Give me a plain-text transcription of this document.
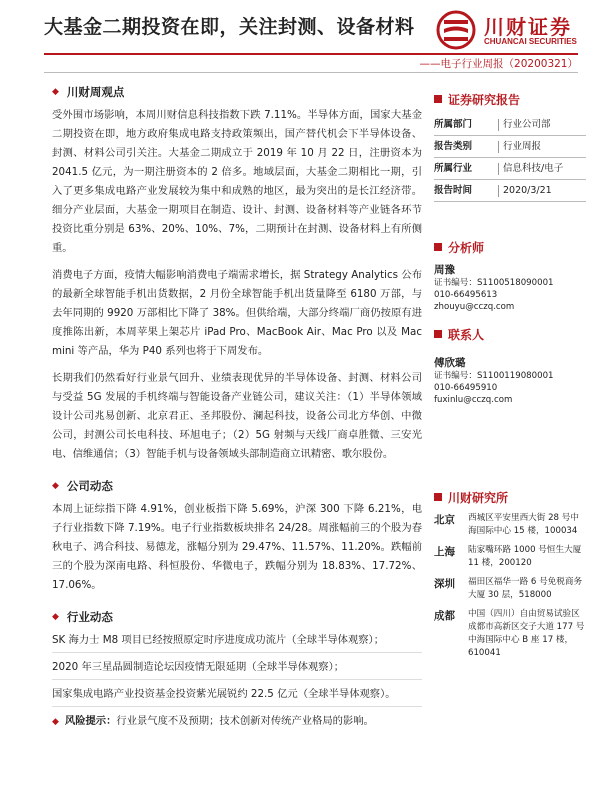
大基金二期投资在即，关注封测、设备材料	川财证券
CHUANCAI SECURITIES
——电子行业周报（20200321）
◆ 川财周观点

受外围市场影响，本周川财信息科技指数下跌 7.11%。半导体方面，国家大基金二期投资在即，地方政府集成电路支持政策频出，国产替代机会下半导体设备、封测、材料公司引关注。大基金二期成立于 2019 年 10 月 22 日，注册资本为 2041.5 亿元，为一期注册资本的 2 倍多。地域层面，大基金二期相比一期，引入了更多集成电路产业发展较为集中和成熟的地区，最为突出的是长江经济带。细分产业层面，大基金一期项目在制造、设计、封测、设备材料等产业链各环节投资比重分别是 63%、20%、10%、7%，二期预计在封测、设备材料上有所侧重。

消费电子方面，疫情大幅影响消费电子端需求增长，据 Strategy Analytics 公布的最新全球智能手机出货数据，2 月份全球智能手机出货量降至 6180 万部，与去年同期的 9920 万部相比下降了 38%。但供给端，大部分终端厂商仍按原有进度推陈出新，本周苹果上架芯片 iPad Pro、MacBook Air、Mac Pro 以及 Mac mini 等产品，华为 P40 系列也将于下周发布。

长期我们仍然看好行业景气回升、业绩表现优异的半导体设备、封测、材料公司与受益 5G 发展的手机终端与智能设备产业链公司，建议关注：（1）半导体领域设计公司兆易创新、北京君正、圣邦股份、澜起科技，设备公司北方华创、中微公司，封测公司长电科技、环旭电子；（2）5G 射频与天线厂商卓胜微、三安光电、信维通信；（3）智能手机与设备领域头部制造商立讯精密、歌尔股份。

◆ 公司动态

本周上证综指下降 4.91%，创业板指下降 5.69%，沪深 300 下降 6.21%，电子行业指数下降 7.19%。电子行业指数板块排名 24/28。周涨幅前三的个股为春秋电子、鸿合科技、易德龙，涨幅分别为 29.47%、11.57%、11.20%。跌幅前三的个股为深南电路、科恒股份、华微电子，跌幅分别为 18.83%、17.72%、17.06%。

◆ 行业动态
SK 海力士 M8 项目已经按照原定时序进度成功流片（全球半导体观察）；
2020 年三星晶圆制造论坛因疫情无限延期（全球半导体观察）；
国家集成电路产业投资基金投资紫光展锐约 22.5 亿元（全球半导体观察）。
◆ 风险提示：行业景气度不及预期；技术创新对传统产业格局的影响。
证券研究报告
所属部门	行业公司部
报告类别	行业周报
所属行业	信息科技/电子
报告时间	2020/3/21
分析师
周豫
证书编号：S1100518090001
010-66495613
zhouyu@cczq.com
联系人
傅欣璐
证书编号：S1100119080001
010-66495910
fuxinlu@cczq.com
川财研究所
北京	西城区平安里西大街 28 号中海国际中心 15 楼，100034
上海	陆家嘴环路 1000 号恒生大厦 11 楼，200120
深圳	福田区福华一路 6 号免税商务大厦 30 层，518000
成都	中国（四川）自由贸易试验区成都市高新区交子大道 177 号中海国际中心 B 座 17 楼，610041
